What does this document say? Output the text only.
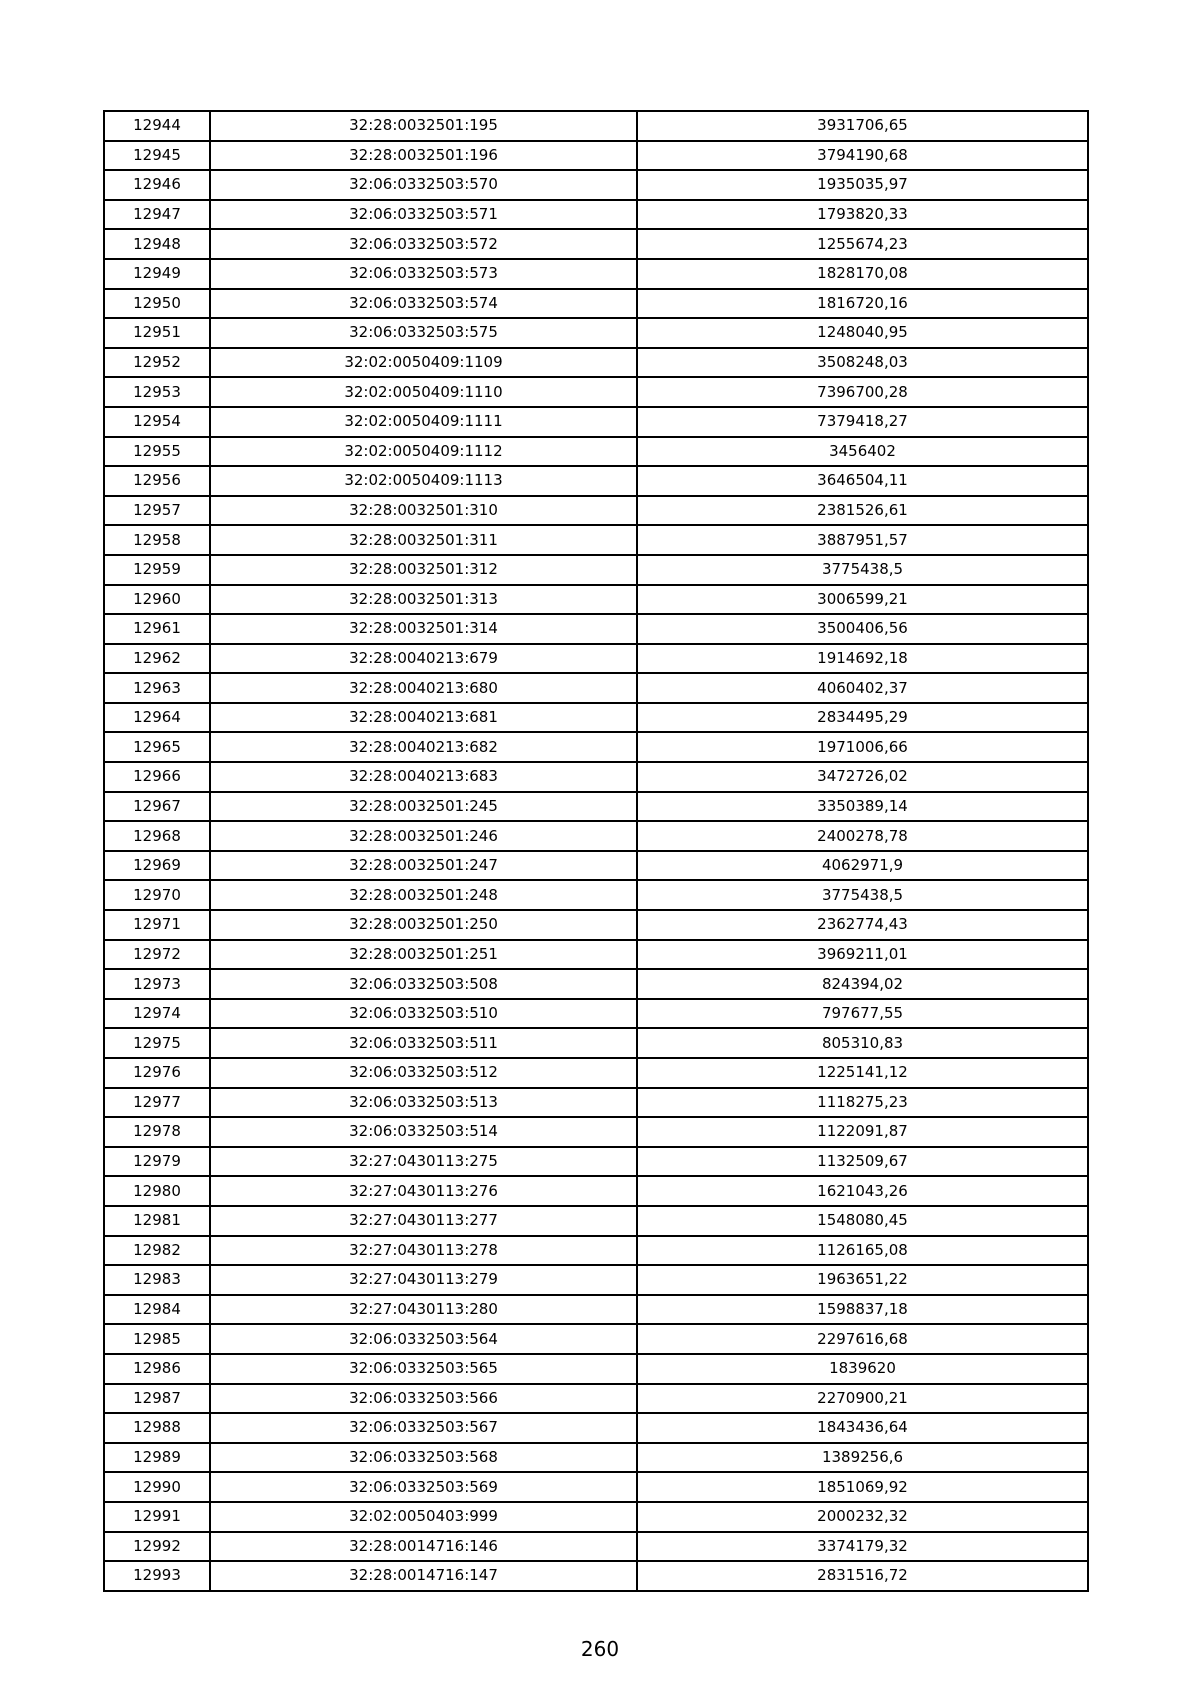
12944	32:28:0032501:195	3931706,65
12945	32:28:0032501:196	3794190,68
12946	32:06:0332503:570	1935035,97
12947	32:06:0332503:571	1793820,33
12948	32:06:0332503:572	1255674,23
12949	32:06:0332503:573	1828170,08
12950	32:06:0332503:574	1816720,16
12951	32:06:0332503:575	1248040,95
12952	32:02:0050409:1109	3508248,03
12953	32:02:0050409:1110	7396700,28
12954	32:02:0050409:1111	7379418,27
12955	32:02:0050409:1112	3456402
12956	32:02:0050409:1113	3646504,11
12957	32:28:0032501:310	2381526,61
12958	32:28:0032501:311	3887951,57
12959	32:28:0032501:312	3775438,5
12960	32:28:0032501:313	3006599,21
12961	32:28:0032501:314	3500406,56
12962	32:28:0040213:679	1914692,18
12963	32:28:0040213:680	4060402,37
12964	32:28:0040213:681	2834495,29
12965	32:28:0040213:682	1971006,66
12966	32:28:0040213:683	3472726,02
12967	32:28:0032501:245	3350389,14
12968	32:28:0032501:246	2400278,78
12969	32:28:0032501:247	4062971,9
12970	32:28:0032501:248	3775438,5
12971	32:28:0032501:250	2362774,43
12972	32:28:0032501:251	3969211,01
12973	32:06:0332503:508	824394,02
12974	32:06:0332503:510	797677,55
12975	32:06:0332503:511	805310,83
12976	32:06:0332503:512	1225141,12
12977	32:06:0332503:513	1118275,23
12978	32:06:0332503:514	1122091,87
12979	32:27:0430113:275	1132509,67
12980	32:27:0430113:276	1621043,26
12981	32:27:0430113:277	1548080,45
12982	32:27:0430113:278	1126165,08
12983	32:27:0430113:279	1963651,22
12984	32:27:0430113:280	1598837,18
12985	32:06:0332503:564	2297616,68
12986	32:06:0332503:565	1839620
12987	32:06:0332503:566	2270900,21
12988	32:06:0332503:567	1843436,64
12989	32:06:0332503:568	1389256,6
12990	32:06:0332503:569	1851069,92
12991	32:02:0050403:999	2000232,32
12992	32:28:0014716:146	3374179,32
12993	32:28:0014716:147	2831516,72
260
